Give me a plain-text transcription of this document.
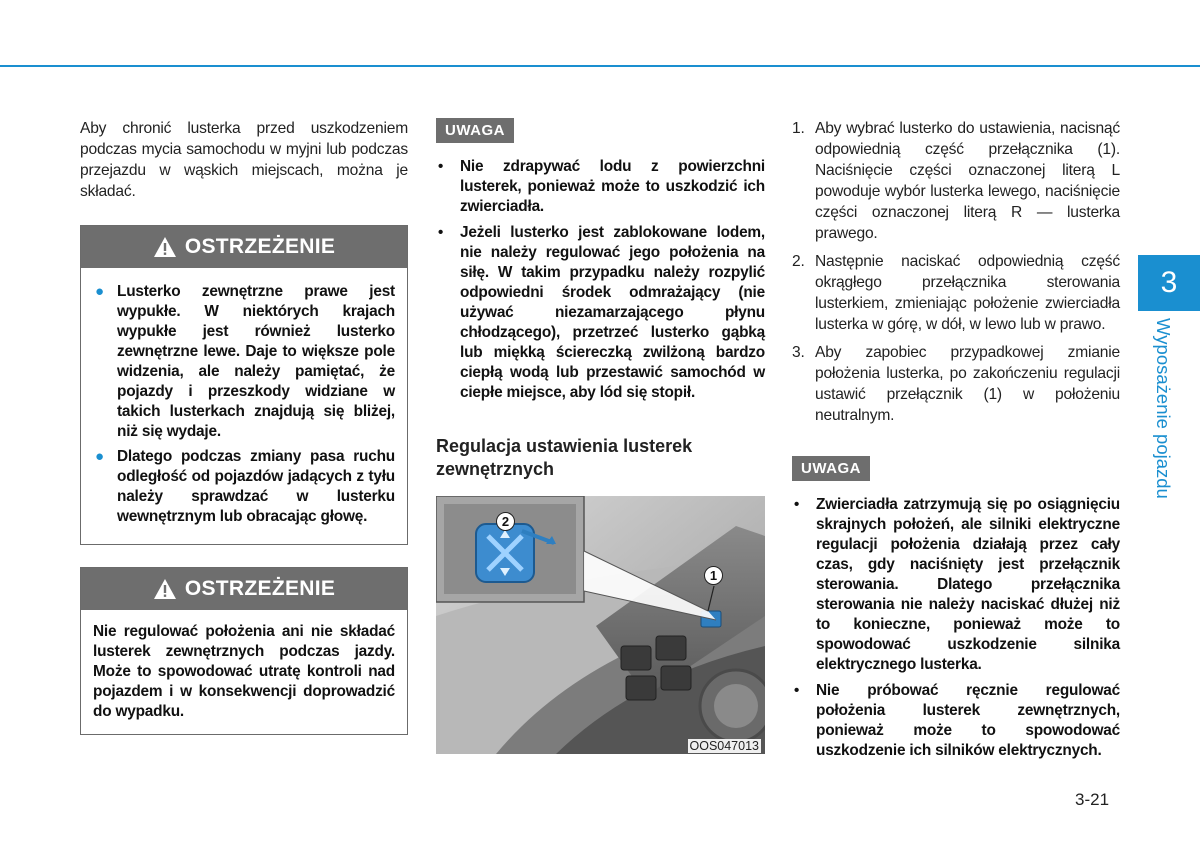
Aby chronić lusterka przed uszkodzeniem podczas mycia samochodu w myjni lub podczas przejazdu w wąskich miejscach, można je składać.

OSTRZEŻENIE
● Lusterko zewnętrzne prawe jest wypukłe. W niektórych krajach wypukłe jest również lusterko zewnętrzne lewe. Daje to większe pole widzenia, ale należy pamiętać, że pojazdy i przeszkody widziane w takich lusterkach znajdują się bliżej, niż się wydaje.
● Dlatego podczas zmiany pasa ruchu odległość od pojazdów jadących z tyłu należy sprawdzać w lusterku wewnętrznym lub obracając głowę.
OSTRZEŻENIE

Nie regulować położenia ani nie składać lusterek zewnętrznych podczas jazdy. Może to spowodować utratę kontroli nad pojazdem i w konsekwencji doprowadzić do wypadku.

UWAGA
• Nie zdrapywać lodu z powierzchni lusterek, ponieważ może to uszkodzić ich zwierciadła.
• Jeżeli lusterko jest zablokowane lodem, nie należy regulować jego położenia na siłę. W takim przypadku należy rozpylić odpowiedni środek odmrażający (nie używać niezamarzającego płynu chłodzącego), przetrzeć lusterko gąbką lub miękką ściereczką zwilżoną bardzo ciepłą wodą lub przestawić samochód w ciepłe miejsce, aby lód się stopił.
Regulacja ustawienia lusterek zewnętrznych
1
2
OOS047013
1. Aby wybrać lusterko do ustawienia, nacisnąć odpowiednią część przełącznika (1). Naciśnięcie części oznaczonej literą L powoduje wybór lusterka lewego, naciśnięcie części oznaczonej literą R — lusterka prawego.
2. Następnie naciskać odpowiednią część okrągłego przełącznika sterowania lusterkiem, zmieniając położenie zwierciadła lusterka w górę, w dół, w lewo lub w prawo.
3. Aby zapobiec przypadkowej zmianie położenia lusterka, po zakończeniu regulacji ustawić przełącznik (1) w położeniu neutralnym.
UWAGA
• Zwierciadła zatrzymują się po osiągnięciu skrajnych położeń, ale silniki elektryczne regulacji położenia działają przez cały czas, gdy naciśnięty jest przełącznik sterowania. Dlatego przełącznika sterowania nie należy naciskać dłużej niż to konieczne, ponieważ może to spowodować uszkodzenie silnika elektrycznego lusterka.
• Nie próbować ręcznie regulować położenia lusterek zewnętrznych, ponieważ może to spowodować uszkodzenie ich silników elektrycznych.
3
Wyposażenie pojazdu
3-21
